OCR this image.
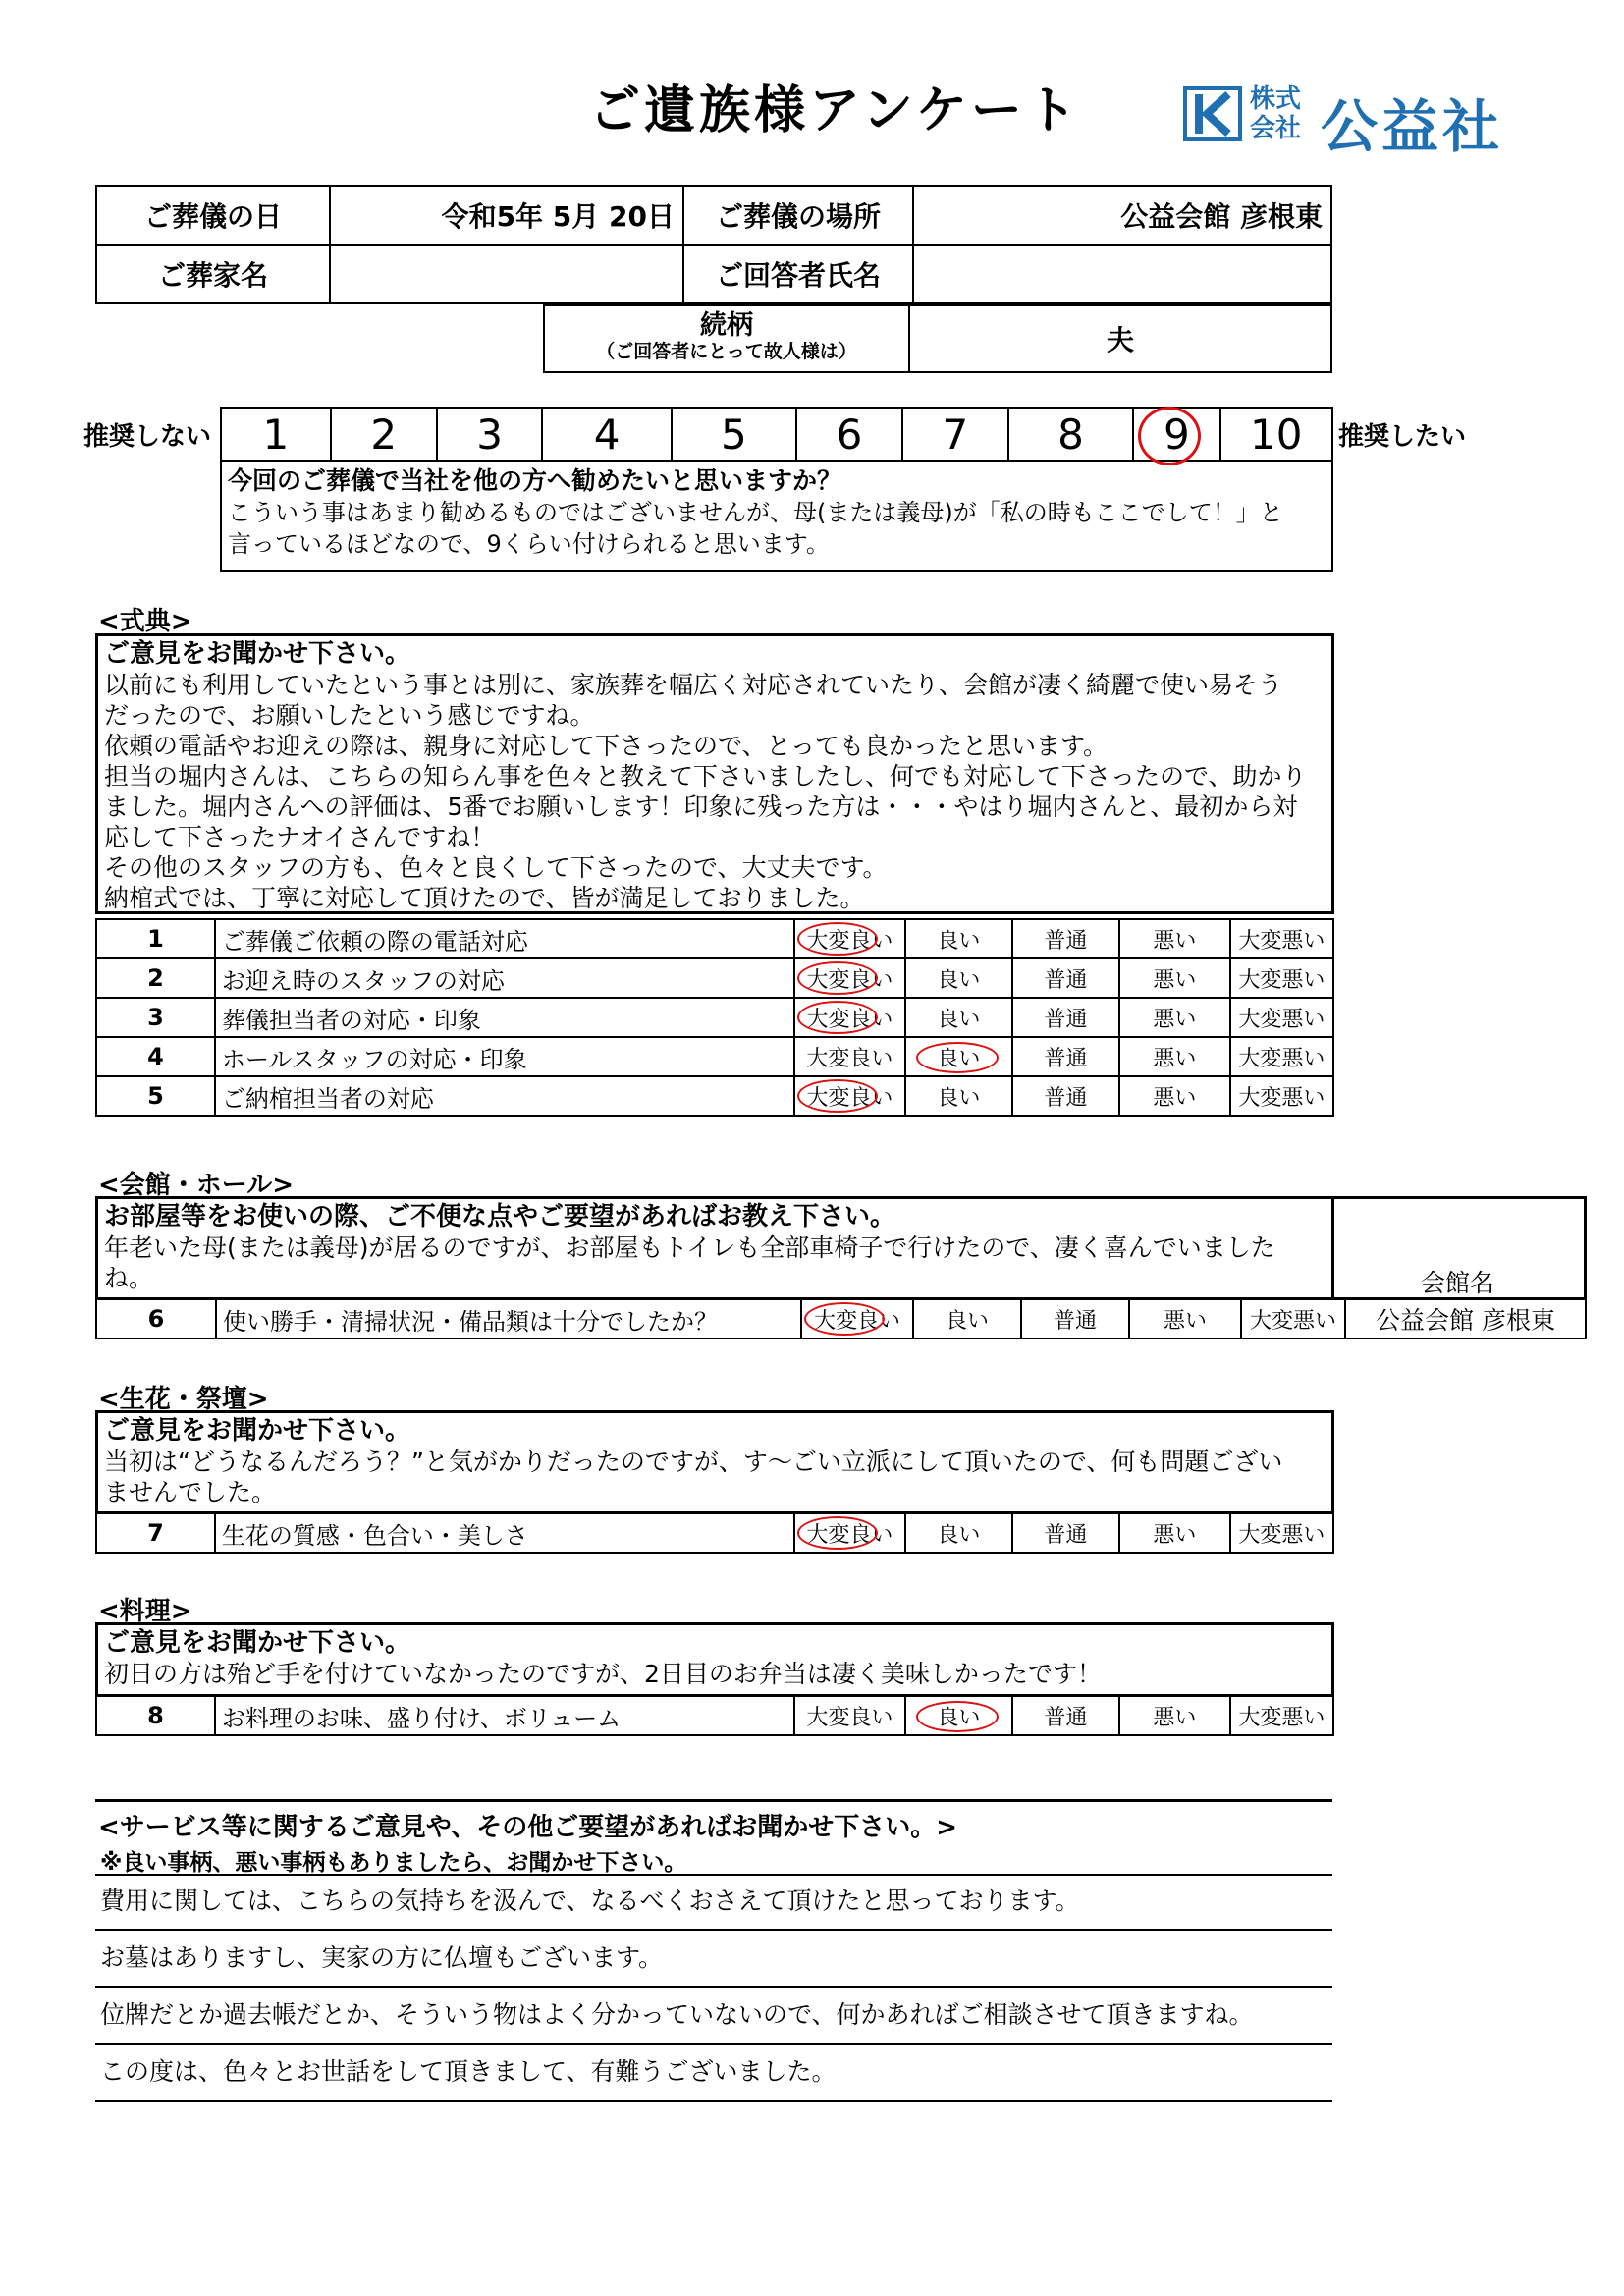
ご遺族様アンケート	株式
会社 公益社
ご葬儀の日	令和5年 5月 20日	ご葬儀の場所	公益会館 彦根東
ご葬家名		ご回答者氏名	
続柄
（ご回答者にとって故人様は）	夫
推奨しない	推奨したい
1	2	3	4	5	6	7	8	9	10
今回のご葬儀で当社を他の方へ勧めたいと思いますか？
こういう事はあまり勧めるものではございませんが、母(または義母)が「私の時もここでして！」と
言っているほどなので、9くらい付けられると思います。
<式典>
ご意見をお聞かせ下さい。
以前にも利用していたという事とは別に、家族葬を幅広く対応されていたり、会館が凄く綺麗で使い易そう
だったので、お願いしたという感じですね。
依頼の電話やお迎えの際は、親身に対応して下さったので、とっても良かったと思います。
担当の堀内さんは、こちらの知らん事を色々と教えて下さいましたし、何でも対応して下さったので、助かり
ました。堀内さんへの評価は、5番でお願いします！印象に残った方は・・・やはり堀内さんと、最初から対
応して下さったナオイさんですね！
その他のスタッフの方も、色々と良くして下さったので、大丈夫です。
納棺式では、丁寧に対応して頂けたので、皆が満足しておりました。
1	ご葬儀ご依頼の際の電話対応	大変良い	良い	普通	悪い	大変悪い
2	お迎え時のスタッフの対応	大変良い	良い	普通	悪い	大変悪い
3	葬儀担当者の対応・印象	大変良い	良い	普通	悪い	大変悪い
4	ホールスタッフの対応・印象	大変良い	良い	普通	悪い	大変悪い
5	ご納棺担当者の対応	大変良い	良い	普通	悪い	大変悪い
<会館・ホール>
お部屋等をお使いの際、ご不便な点やご要望があればお教え下さい。
年老いた母(または義母)が居るのですが、お部屋もトイレも全部車椅子で行けたので、凄く喜んでいました
ね。	会館名
6	使い勝手・清掃状況・備品類は十分でしたか？	大変良い	良い	普通	悪い	大変悪い	公益会館 彦根東
<生花・祭壇>
ご意見をお聞かせ下さい。
当初は“どうなるんだろう？”と気がかりだったのですが、す～ごい立派にして頂いたので、何も問題ござい
ませんでした。
7	生花の質感・色合い・美しさ	大変良い	良い	普通	悪い	大変悪い
<料理>
ご意見をお聞かせ下さい。
初日の方は殆ど手を付けていなかったのですが、2日目のお弁当は凄く美味しかったです！
8	お料理のお味、盛り付け、ボリューム	大変良い	良い	普通	悪い	大変悪い
<サービス等に関するご意見や、その他ご要望があればお聞かせ下さい。>
※良い事柄、悪い事柄もありましたら、お聞かせ下さい。
費用に関しては、こちらの気持ちを汲んで、なるべくおさえて頂けたと思っております。
お墓はありますし、実家の方に仏壇もございます。
位牌だとか過去帳だとか、そういう物はよく分かっていないので、何かあればご相談させて頂きますね。
この度は、色々とお世話をして頂きまして、有難うございました。
